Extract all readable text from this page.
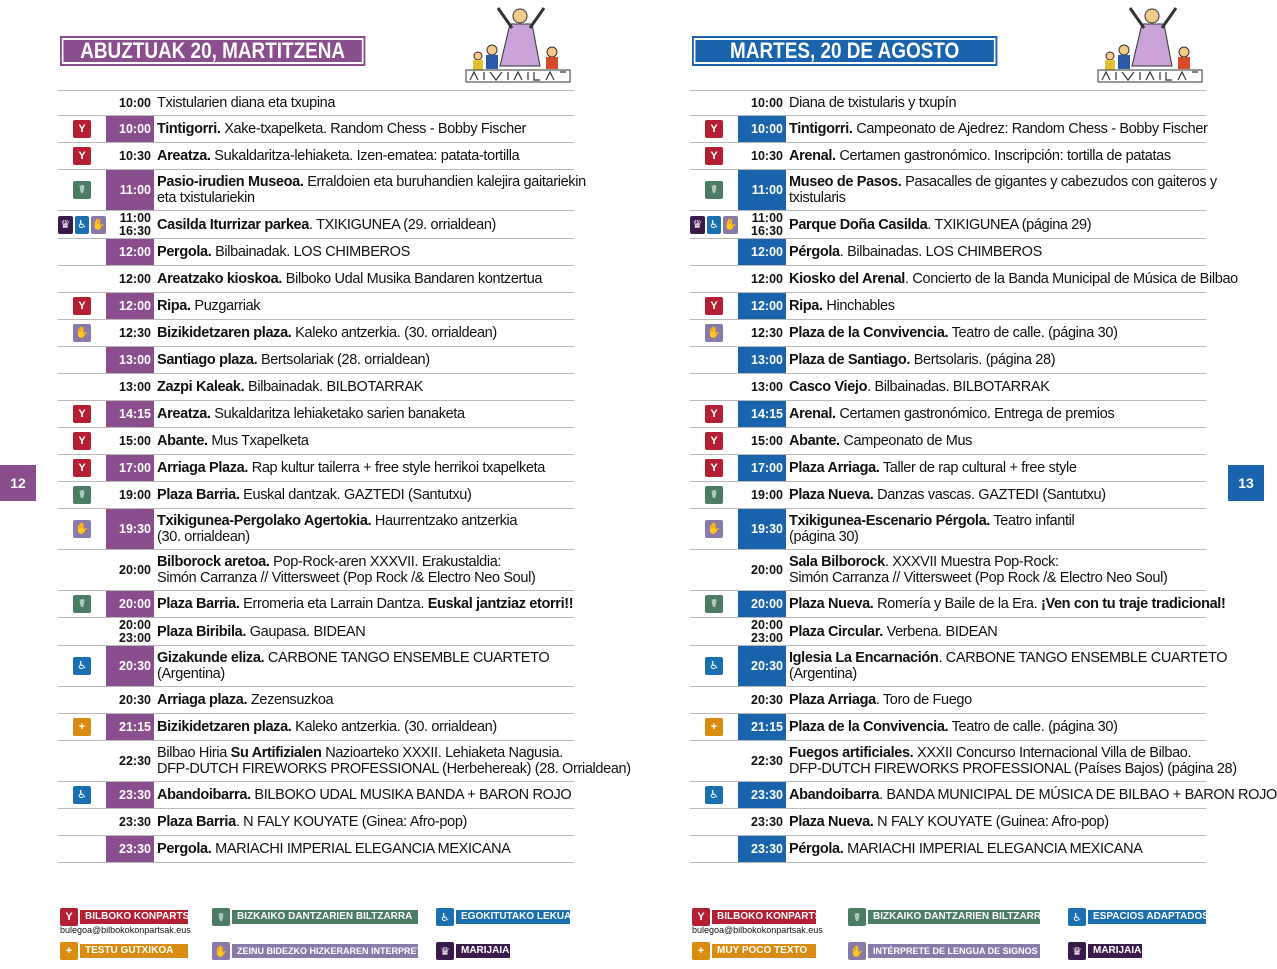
ABUZTUAK 20, MARTITZENA
10:00 Txistularien diana eta txupina
Y	10:00 Tintigorri. Xake-txapelketa. Random Chess - Bobby Fischer
Y	10:30 Areatza. Sukaldaritza-lehiaketa. Izen-ematea: patata-tortilla
☤	11:00 Pasio-irudien Museoa. Erraldoien eta buruhandien kalejira gaitariekin
eta txistulariekin
♛ ♿ ✋ 11:00
16:30 Casilda Iturrizar parkea. TXIKIGUNEA (29. orrialdean)
12:00 Pergola. Bilbainadak. LOS CHIMBEROS
12:00 Areatzako kioskoa. Bilboko Udal Musika Bandaren kontzertua
Y	12:00 Ripa. Puzgarriak
✋ 12:30 Bizikidetzaren plaza. Kaleko antzerkia. (30. orrialdean)
13:00 Santiago plaza. Bertsolariak (28. orrialdean)
13:00 Zazpi Kaleak. Bilbainadak. BILBOTARRAK
Y	14:15 Areatza. Sukaldaritza lehiaketako sarien banaketa
Y	15:00 Abante. Mus Txapelketa
Y	17:00 Arriaga Plaza. Rap kultur tailerra + free style herrikoi txapelketa
☤	19:00 Plaza Barria. Euskal dantzak. GAZTEDI (Santutxu)
✋ 19:30 Txikigunea-Pergolako Agertokia. Haurrentzako antzerkia
(30. orrialdean)
20:00 Bilborock aretoa. Pop-Rock-aren XXXVII. Erakustaldia:
Simón Carranza // Vittersweet (Pop Rock /& Electro Neo Soul)
☤	20:00 Plaza Barria. Erromeria eta Larrain Dantza. Euskal jantziaz etorri!!
20:00
23:00 Plaza Biribila. Gaupasa. BIDEAN
♿	20:30 Gizakunde eliza. CARBONE TANGO ENSEMBLE CUARTETO
(Argentina)
20:30 Arriaga plaza. Zezensuzkoa
+	21:15 Bizikidetzaren plaza. Kaleko antzerkia. (30. orrialdean)
22:30 Bilbao Hiria Su Artifizialen Nazioarteko XXXII. Lehiaketa Nagusia.
DFP-DUTCH FIREWORKS PROFESSIONAL (Herbehereak) (28. Orrialdean)
♿	23:30 Abandoibarra. BILBOKO UDAL MUSIKA BANDA + BARON ROJO
23:30 Plaza Barria. N FALY KOUYATE (Ginea: Afro-pop)
23:30 Pergola. MARIACHI IMPERIAL ELEGANCIA MEXICANA
12
Y	BILBOKO KONPARTSAK	☤	BIZKAIKO DANTZARIEN BILTZARRA	♿	EGOKITUTAKO LEKUAK
bulegoa@bilbokokonpartsak.eus
+	TESTU GUTXIKOA	✋	ZEINU BIDEZKO HIZKERAREN INTERPRETEA ♛	MARIJAIA
MARTES, 20 DE AGOSTO
10:00 Diana de txistularis y txupín
Y	10:00 Tintigorri. Campeonato de Ajedrez: Random Chess - Bobby Fischer
Y	10:30 Arenal. Certamen gastronómico. Inscripción: tortilla de patatas
☤	11:00 Museo de Pasos. Pasacalles de gigantes y cabezudos con gaiteros y
txistularis
♛ ♿ ✋ 11:00
16:30 Parque Doña Casilda. TXIKIGUNEA (página 29)
12:00 Pérgola. Bilbainadas. LOS CHIMBEROS
12:00 Kiosko del Arenal. Concierto de la Banda Municipal de Música de Bilbao
Y	12:00 Ripa. Hinchables
✋ 12:30 Plaza de la Convivencia. Teatro de calle. (página 30)
13:00 Plaza de Santiago. Bertsolaris. (página 28)
13:00 Casco Viejo. Bilbainadas. BILBOTARRAK
Y	14:15 Arenal. Certamen gastronómico. Entrega de premios
Y	15:00 Abante. Campeonato de Mus
Y	17:00 Plaza Arriaga. Taller de rap cultural + free style
☤	19:00 Plaza Nueva. Danzas vascas. GAZTEDI (Santutxu)
✋ 19:30 Txikigunea-Escenario Pérgola. Teatro infantil
(página 30)
20:00 Sala Bilborock. XXXVII Muestra Pop-Rock:
Simón Carranza // Vittersweet (Pop Rock /& Electro Neo Soul)
☤	20:00 Plaza Nueva. Romería y Baile de la Era. ¡Ven con tu traje tradicional!
20:00
23:00 Plaza Circular. Verbena. BIDEAN
♿	20:30 Iglesia La Encarnación. CARBONE TANGO ENSEMBLE CUARTETO
(Argentina)
20:30 Plaza Arriaga. Toro de Fuego
+	21:15 Plaza de la Convivencia. Teatro de calle. (página 30)
22:30 Fuegos artificiales. XXXII Concurso Internacional Villa de Bilbao.
DFP-DUTCH FIREWORKS PROFESSIONAL (Países Bajos) (página 28)
♿	23:30 Abandoibarra. BANDA MUNICIPAL DE MÚSICA DE BILBAO + BARON ROJO
23:30 Plaza Nueva. N FALY KOUYATE (Guinea: Afro-pop)
23:30 Pérgola. MARIACHI IMPERIAL ELEGANCIA MEXICANA
13
Y	BILBOKO KONPARTSAK	☤	BIZKAIKO DANTZARIEN BILTZARRA	♿	ESPACIOS ADAPTADOS
bulegoa@bilbokokonpartsak.eus
+	MUY POCO TEXTO	✋	INTÉRPRETE DE LENGUA DE SIGNOS	♛	MARIJAIA
